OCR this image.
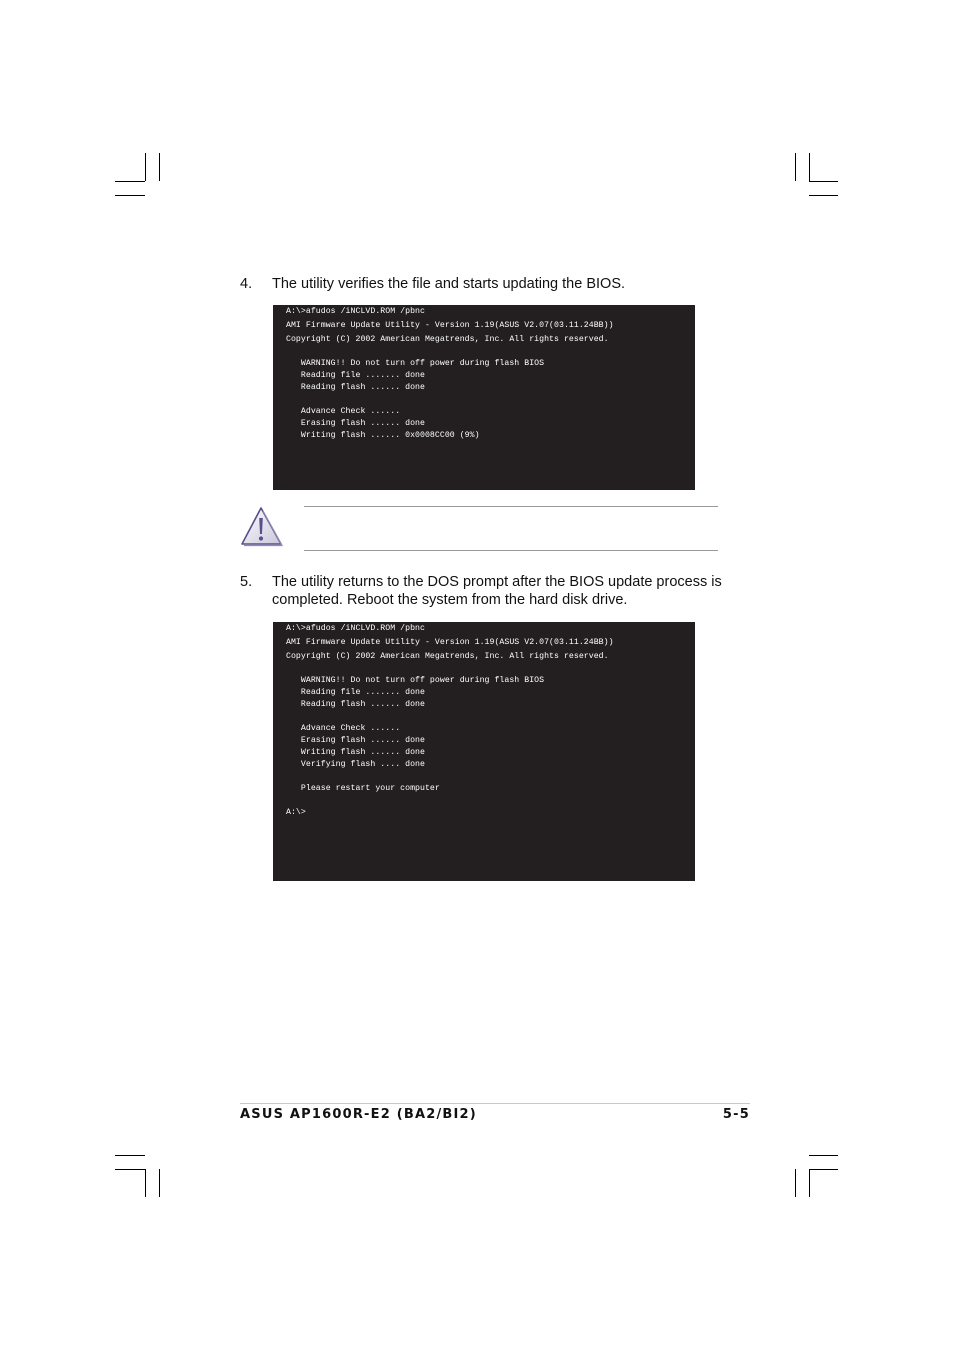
4. The utility verifies the file and starts updating the BIOS.
A:\>afudos /iNCLVD.ROM /pbnc
AMI Firmware Update Utility - Version 1.19(ASUS V2.07(03.11.24BB))
Copyright (C) 2002 American Megatrends, Inc. All rights reserved.
WARNING!! Do not turn off power during flash BIOS
Reading file ....... done
Reading flash ...... done
Advance Check ......
Erasing flash ...... done
Writing flash ...... 0x0008CC00 (9%)
5. The utility returns to the DOS prompt after the BIOS update process is completed. Reboot the system from the hard disk drive.
A:\>afudos /iNCLVD.ROM /pbnc
AMI Firmware Update Utility - Version 1.19(ASUS V2.07(03.11.24BB))
Copyright (C) 2002 American Megatrends, Inc. All rights reserved.
WARNING!! Do not turn off power during flash BIOS
Reading file ....... done
Reading flash ...... done
Advance Check ......
Erasing flash ...... done
Writing flash ...... done
Verifying flash .... done
Please restart your computer
A:\>
ASUS AP1600R-E2 (BA2/BI2)	5-5
